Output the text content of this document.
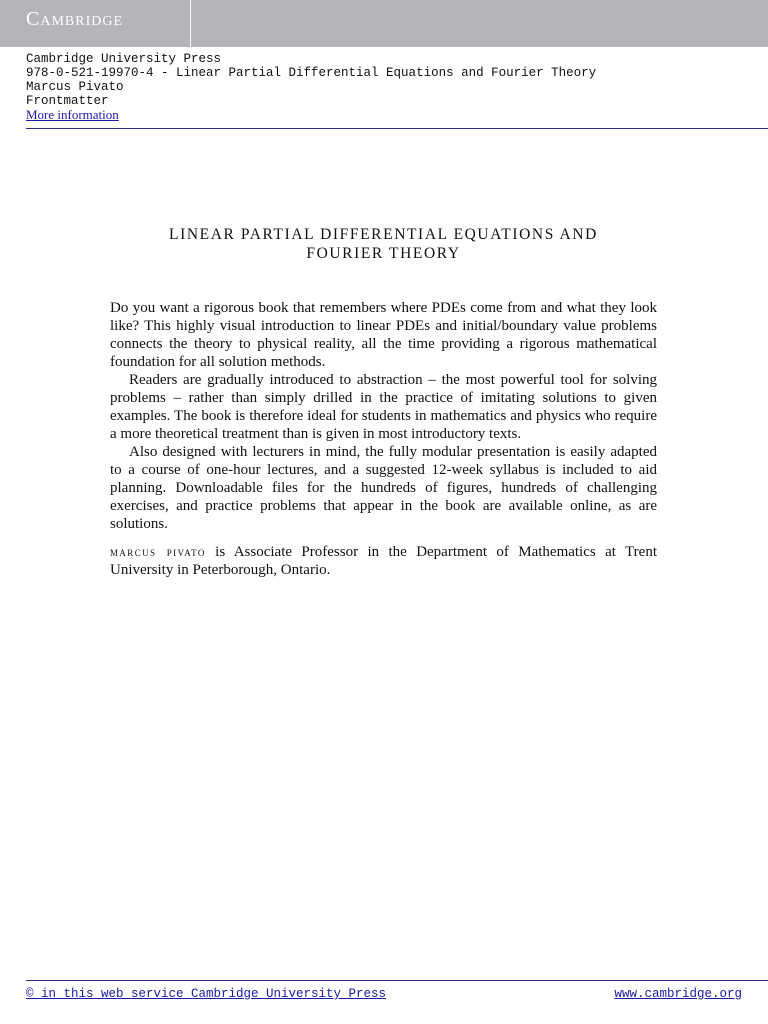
Cambridge
Cambridge University Press
978-0-521-19970-4 - Linear Partial Differential Equations and Fourier Theory
Marcus Pivato
Frontmatter
More information
LINEAR PARTIAL DIFFERENTIAL EQUATIONS AND
FOURIER THEORY

Do you want a rigorous book that remembers where PDEs come from and what they look like? This highly visual introduction to linear PDEs and initial/boundary value problems connects the theory to physical reality, all the time providing a rigorous mathematical foundation for all solution methods.

Readers are gradually introduced to abstraction – the most powerful tool for solving problems – rather than simply drilled in the practice of imitating solutions to given examples. The book is therefore ideal for students in mathematics and physics who require a more theoretical treatment than is given in most introductory texts.

Also designed with lecturers in mind, the fully modular presentation is easily adapted to a course of one-hour lectures, and a suggested 12-week syllabus is included to aid planning. Downloadable files for the hundreds of figures, hundreds of challenging exercises, and practice problems that appear in the book are available online, as are solutions.

marcus pivato is Associate Professor in the Department of Mathematics at Trent University in Peterborough, Ontario.

© in this web service Cambridge University Press	www.cambridge.org
